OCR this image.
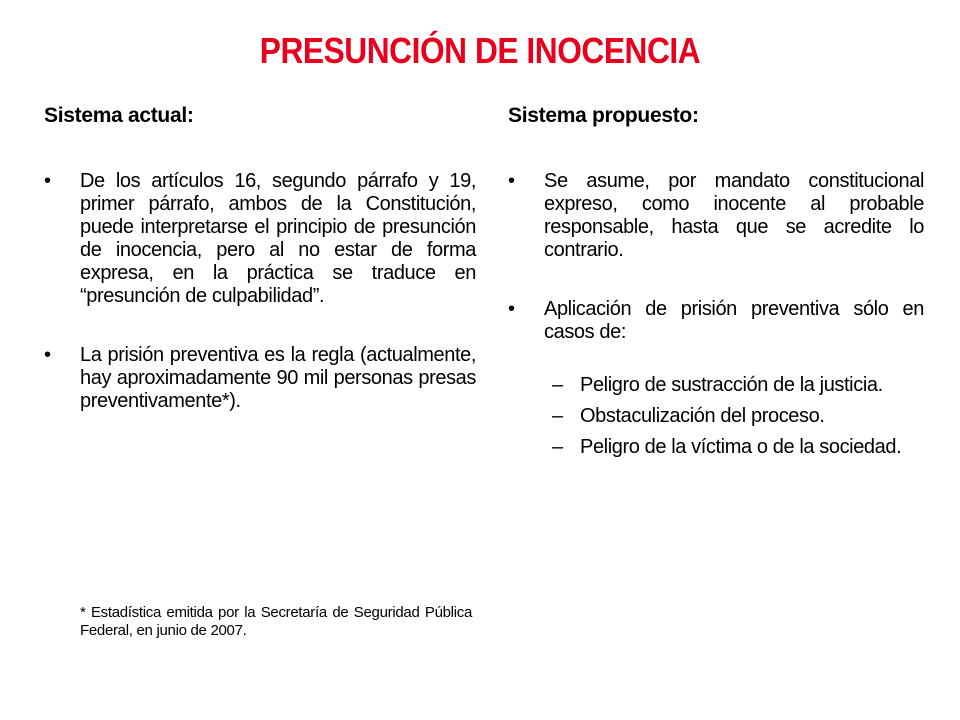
PRESUNCIÓN DE INOCENCIA
Sistema actual:
• De los artículos 16, segundo párrafo y 19, primer párrafo, ambos de la Constitución, puede interpretarse el principio de presunción de inocencia, pero al no estar de forma expresa, en la práctica se traduce en “presunción de culpabilidad”.
• La prisión preventiva es la regla (actualmente, hay aproximadamente 90 mil personas presas preventivamente*).
* Estadística emitida por la Secretaría de Seguridad Pública Federal, en junio de 2007.
Sistema propuesto:
• Se asume, por mandato constitucional expreso, como inocente al probable responsable, hasta que se acredite lo contrario.
• Aplicación de prisión preventiva sólo en casos de:
– Peligro de sustracción de la justicia.
– Obstaculización del proceso.
– Peligro de la víctima o de la sociedad.
